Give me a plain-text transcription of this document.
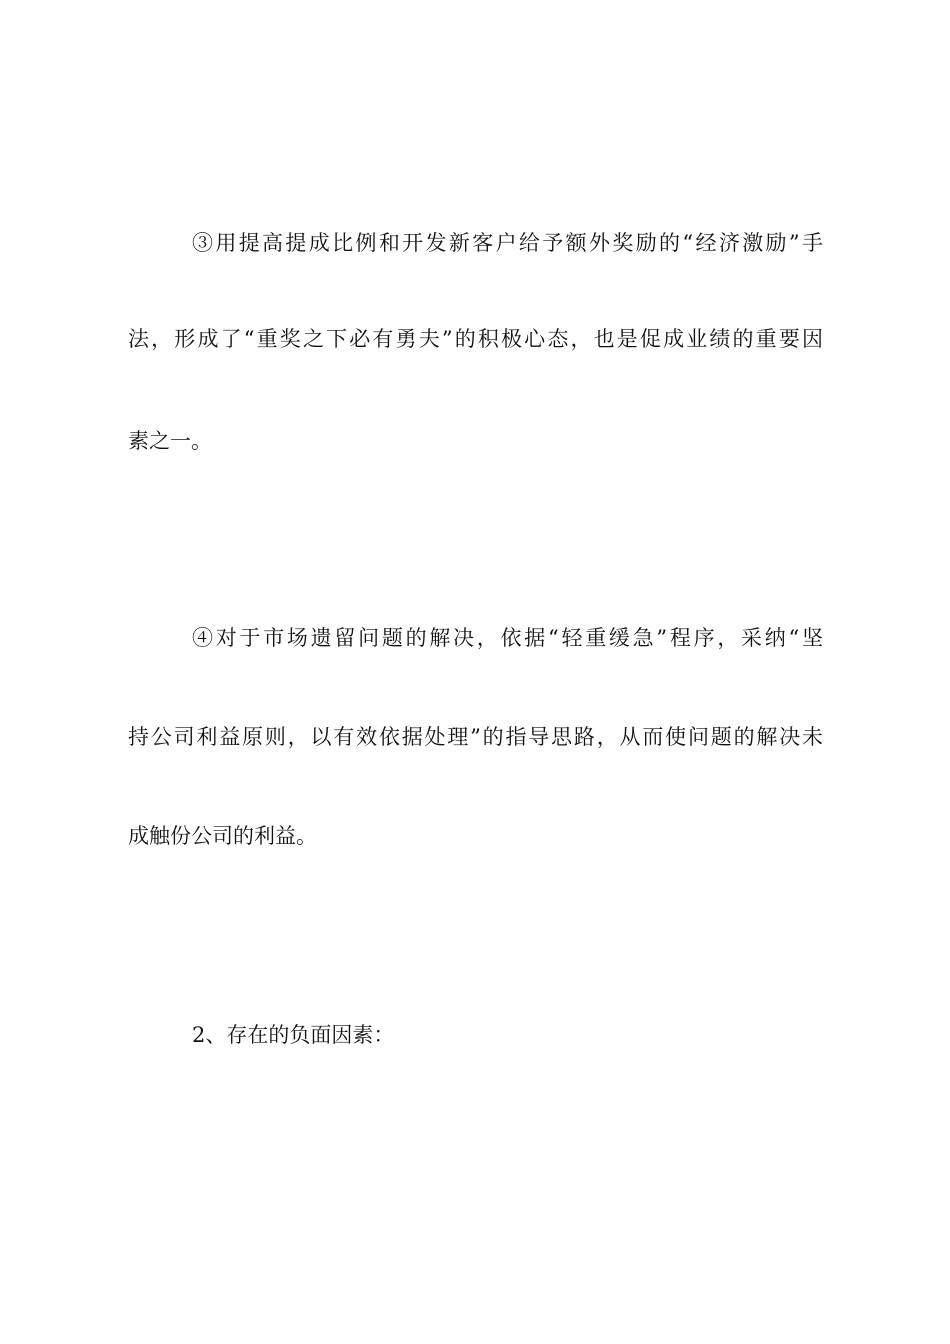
③用提高提成比例和开发新客户给予额外奖励的“经济激励”手

法，形成了“重奖之下必有勇夫”的积极心态，也是促成业绩的重要因

素之一。

④对于市场遗留问题的解决，依据“轻重缓急”程序，采纳“坚

持公司利益原则，以有效依据处理”的指导思路，从而使问题的解决未

成触份公司的利益。

2、存在的负面因素：
